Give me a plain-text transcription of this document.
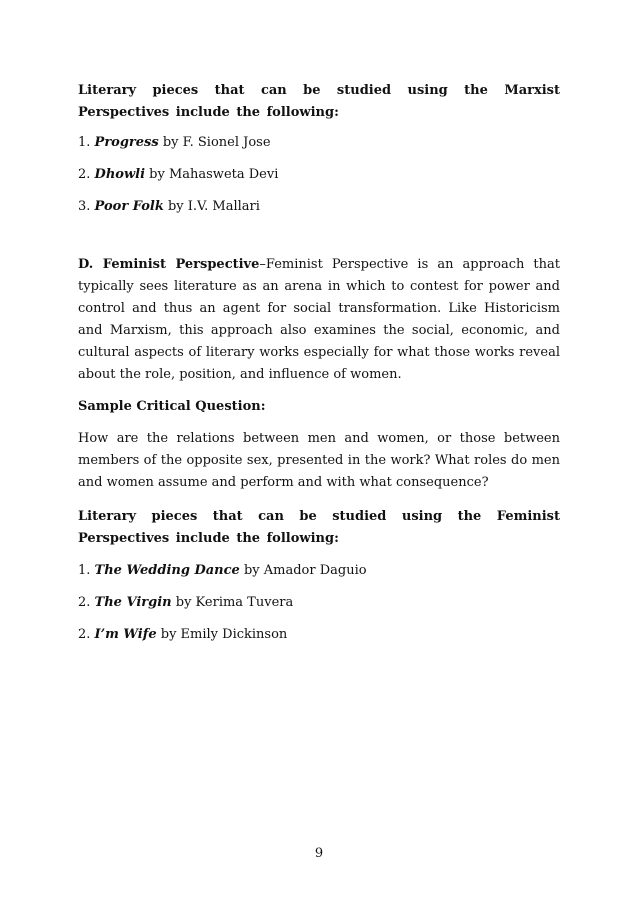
Literary pieces that can be studied using the Marxist Perspectives include the following:

1. Progress by F. Sionel Jose
2. Dhowli by Mahasweta Devi
3. Poor Folk by I.V. Mallari

D. Feminist Perspective–Feminist Perspective is an approach that typically sees literature as an arena in which to contest for power and control and thus an agent for social transformation. Like Historicism and Marxism, this approach also examines the social, economic, and cultural aspects of literary works especially for what those works reveal about the role, position, and influence of women.

Sample Critical Question:

How are the relations between men and women, or those between members of the opposite sex, presented in the work? What roles do men and women assume and perform and with what consequence?

Literary pieces that can be studied using the Feminist Perspectives include the following:

1. The Wedding Dance by Amador Daguio
2. The Virgin by Kerima Tuvera
2. I’m Wife by Emily Dickinson
9
